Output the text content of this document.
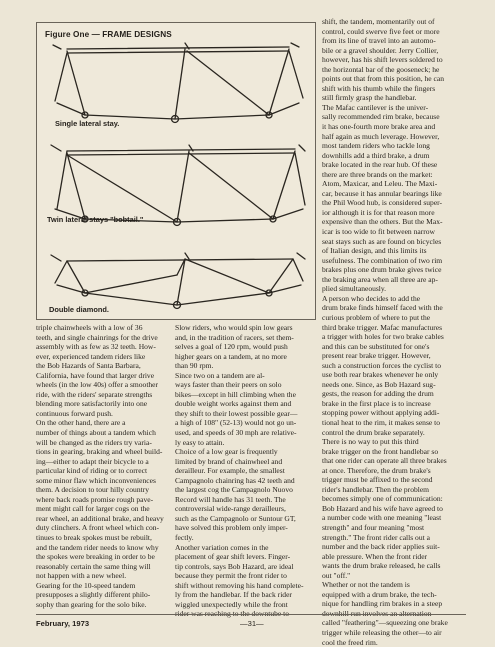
Figure One — FRAME DESIGNS
Single lateral stay.
Twin lateral stays "bobtail."
Double diamond.
triple chainwheels with a low of 36
teeth, and single chainrings for the drive
assembly with as few as 32 teeth. How-
ever, experienced tandem riders like
the Bob Hazards of Santa Barbara,
California, have found that larger drive
wheels (in the low 40s) offer a smoother
ride, with the riders' separate strengths
blending more satisfactorily into one
continuous forward push.
On the other hand, there are a
number of things about a tandem which
will be changed as the riders try varia-
tions in gearing, braking and wheel build-
ing—either to adapt their bicycle to a
particular kind of riding or to correct
some minor flaw which inconveniences
them. A decision to tour hilly country
where back roads promise rough pave-
ment might call for larger cogs on the
rear wheel, an additional brake, and heavy
duty clinchers. A front wheel which con-
tinues to break spokes must be rebuilt,
and the tandem rider needs to know why
the spokes were breaking in order to be
reasonably certain the same thing will
not happen with a new wheel.
Gearing for the 10-speed tandem
presupposes a slightly different philo-
sophy than gearing for the solo bike.
Slow riders, who would spin low gears
and, in the tradition of racers, set them-
selves a goal of 120 rpm, would push
higher gears on a tandem, at no more
than 90 rpm.
Since two on a tandem are al-
ways faster than their peers on solo
bikes—except in hill climbing when the
double weight works against them and
they shift to their lowest possible gear—
a high of 108" (52-13) would not go un-
used, and speeds of 30 mph are relative-
ly easy to attain.
Choice of a low gear is frequently
limited by brand of chainwheel and
derailleur. For example, the smallest
Campagnolo chainring has 42 teeth and
the largest cog the Campagnolo Nuovo
Record will handle has 31 teeth. The
controversial wide-range derailleurs,
such as the Campagnolo or Suntour GT,
have solved this problem only imper-
fectly.
Another variation comes in the
placement of gear shift levers. Finger-
tip controls, says Bob Hazard, are ideal
because they permit the front rider to
shift without removing his hand complete-
ly from the handlebar. If the back rider
wiggled unexpectedly while the front
rider was reaching to the downtube to
shift, the tandem, momentarily out of
control, could swerve five feet or more
from its line of travel into an automo-
bile or a gravel shoulder. Jerry Collier,
however, has his shift levers soldered to
the horizontal bar of the gooseneck; he
points out that from this position, he can
shift with his thumb while the fingers
still firmly grasp the handlebar.
The Mafac cantilever is the univer-
sally recommended rim brake, because
it has one-fourth more brake area and
half again as much leverage. However,
most tandem riders who tackle long
downhills add a third brake, a drum
brake located in the rear hub. Of these
there are three brands on the market:
Atom, Maxicar, and Leleu. The Maxi-
car, because it has annular bearings like
the Phil Wood hub, is considered super-
ior although it is for that reason more
expensive than the others. But the Max-
icar is too wide to fit between narrow
seat stays such as are found on bicycles
of Italian design, and this limits its
usefulness. The combination of two rim
brakes plus one drum brake gives twice
the braking area when all three are ap-
plied simultaneously.
A person who decides to add the
drum brake finds himself faced with the
curious problem of where to put the
third brake trigger. Mafac manufactures
a trigger with holes for two brake cables
and this can be substituted for one's
present rear brake trigger. However,
such a construction forces the cyclist to
use both rear brakes whenever he only
needs one. Since, as Bob Hazard sug-
gests, the reason for adding the drum
brake in the first place is to increase
stopping power without applying addi-
tional heat to the rim, it makes sense to
control the drum brake separately.
There is no way to put this third
brake trigger on the front handlebar so
that one rider can operate all three brakes
at once. Therefore, the drum brake's
trigger must be affixed to the second
rider's handlebar. Then the problem
becomes simply one of communication:
Bob Hazard and his wife have agreed to
a number code with one meaning "least
strength" and four meaning "most
strength." The front rider calls out a
number and the back rider applies suit-
able pressure. When the front rider
wants the drum brake released, he calls
out "off."
Whether or not the tandem is
equipped with a drum brake, the tech-
nique for handling rim brakes in a steep
downhill run involves an alternation
called "feathering"—squeezing one brake
trigger while releasing the other—to air
cool the freed rim.
February, 1973	—31—
